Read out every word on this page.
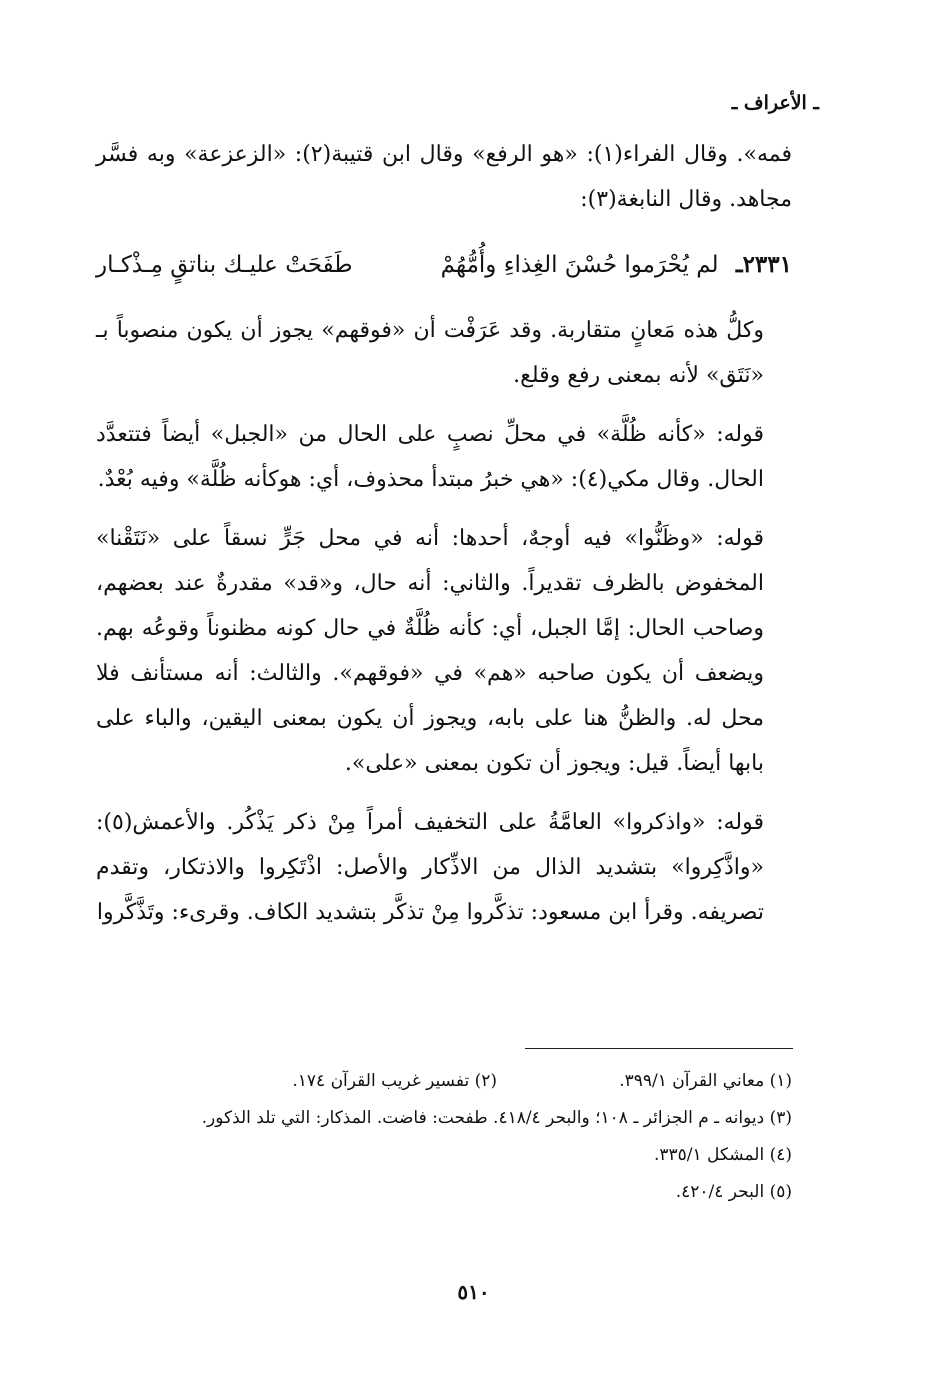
ـ الأعراف ـ

فمه». وقال الفراء(١): «هو الرفع» وقال ابن قتيبة(٢): «الزعزعة» وبه فسَّر مجاهد. وقال النابغة(٣):

٢٣٣١ـ لم يُحْرَموا حُسْنَ الغِذاءِ وأُمُّهُمْ
طَفَحَتْ عليـك بناتقٍ مِـذْكـار

وكلُّ هذه مَعانٍ متقاربة. وقد عَرَفْت أن «فوقهم» يجوز أن يكون منصوباً بـ «نَتَق» لأنه بمعنى رفع وقلع.

قوله: «كأنه ظُلَّة» في محلِّ نصبٍ على الحال من «الجبل» أيضاً فتتعدَّد الحال. وقال مكي(٤): «هي خبرُ مبتدأ محذوف، أي: هوكأنه ظُلَّة» وفيه بُعْدٌ.

قوله: «وظَنُّوا» فيه أوجهٌ، أحدها: أنه في محل جَرٍّ نسقاً على «نَتَقْنا» المخفوض بالظرف تقديراً. والثاني: أنه حال، و«قد» مقدرةٌ عند بعضهم، وصاحب الحال: إمَّا الجبل، أي: كأنه ظُلَّةٌ في حال كونه مظنوناً وقوعُه بهم. ويضعف أن يكون صاحبه «هم» في «فوقهم». والثالث: أنه مستأنف فلا محل له. والظنُّ هنا على بابه، ويجوز أن يكون بمعنى اليقين، والباء على بابها أيضاً. قيل: ويجوز أن تكون بمعنى «على».

قوله: «واذكروا» العامَّةُ على التخفيف أمراً مِنْ ذكر يَذْكُر. والأعمش(٥): «واذَّكِروا» بتشديد الذال من الاذِّكار والأصل: اذْتَكِروا والاذتكار، وتقدم تصريفه. وقرأ ابن مسعود: تذكَّروا مِنْ تذكَّر بتشديد الكاف. وقرىء: وتَذَّكَّروا

(١) معاني القرآن ٣٩٩/١.
(٢) تفسير غريب القرآن ١٧٤.
(٣) ديوانه ـ م الجزائر ـ ١٠٨؛ والبحر ٤١٨/٤. طفحت: فاضت. المذكار: التي تلد الذكور.
(٤) المشكل ٣٣٥/١.
(٥) البحر ٤٢٠/٤.
٥١٠
